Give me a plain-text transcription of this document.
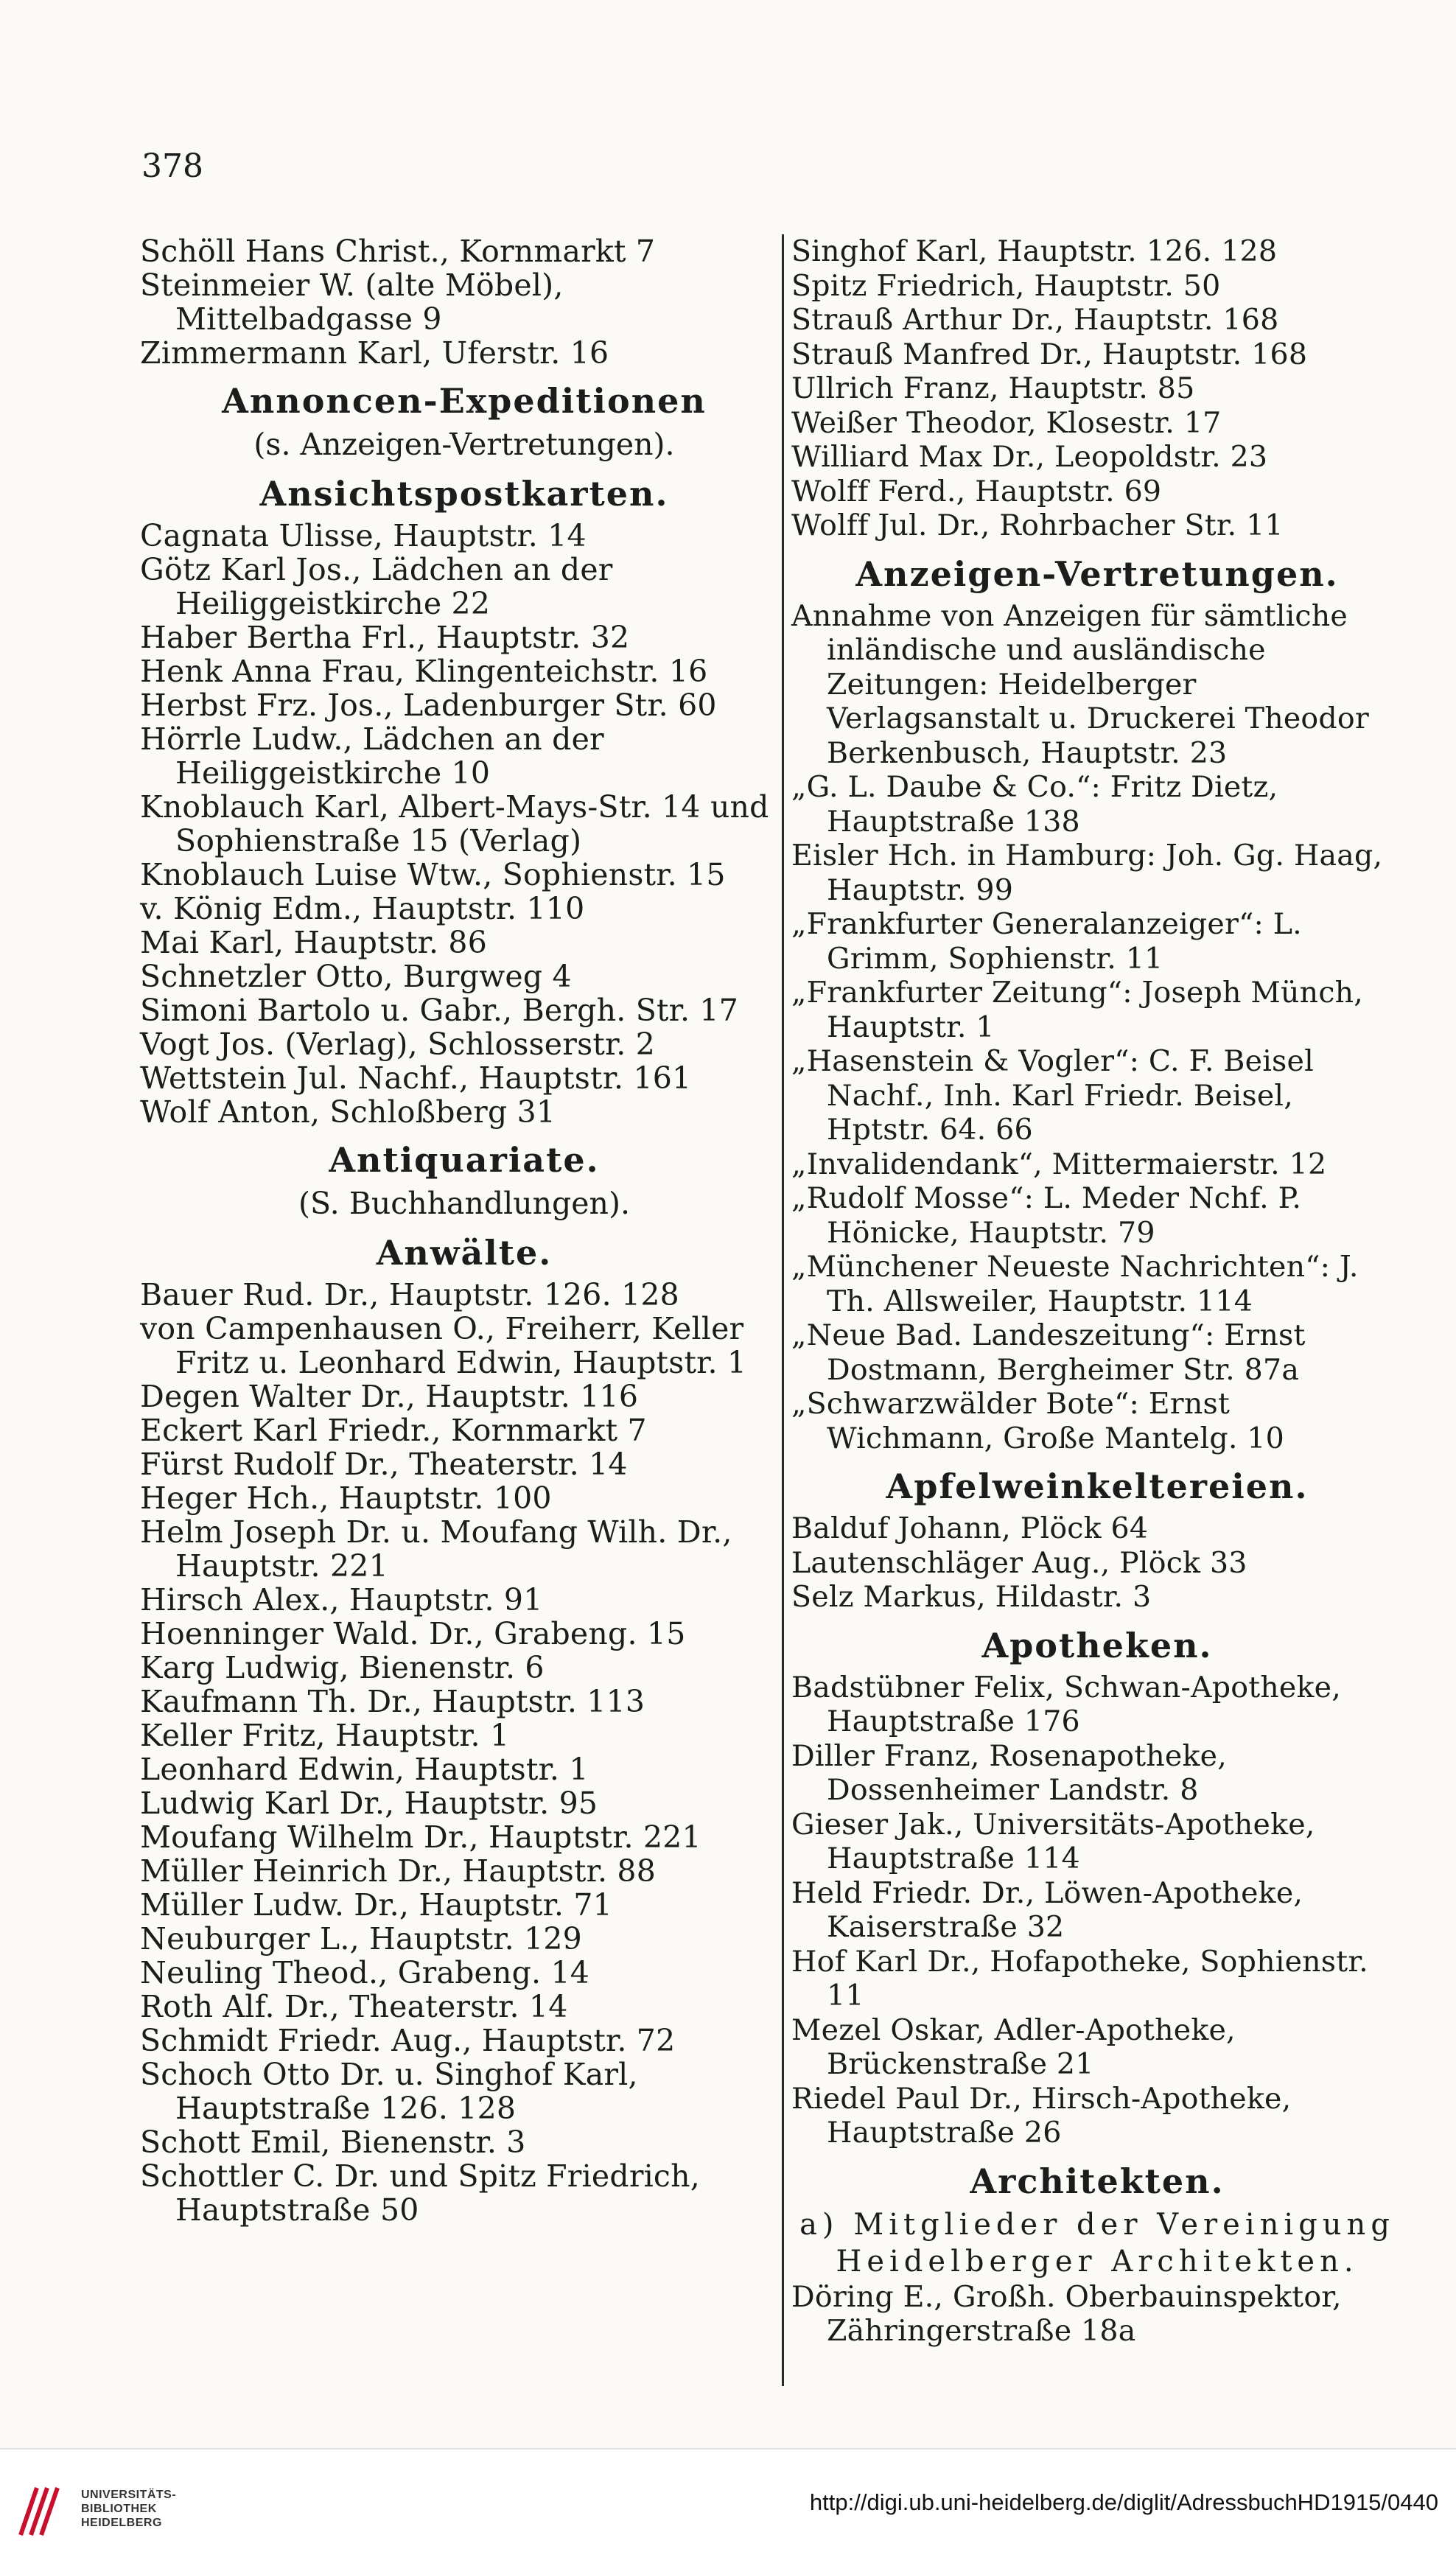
378
Schöll Hans Christ., Kornmarkt 7
Steinmeier W. (alte Möbel), Mittelbadgasse 9
Zimmermann Karl, Uferstr. 16
Annoncen-Expeditionen
(s. Anzeigen-Vertretungen).
Ansichtspostkarten.
Cagnata Ulisse, Hauptstr. 14
Götz Karl Jos., Lädchen an der Heiliggeistkirche 22
Haber Bertha Frl., Hauptstr. 32
Henk Anna Frau, Klingenteichstr. 16
Herbst Frz. Jos., Ladenburger Str. 60
Hörrle Ludw., Lädchen an der Heiliggeistkirche 10
Knoblauch Karl, Albert-Mays-Str. 14 und Sophienstraße 15 (Verlag)
Knoblauch Luise Wtw., Sophienstr. 15
v. König Edm., Hauptstr. 110
Mai Karl, Hauptstr. 86
Schnetzler Otto, Burgweg 4
Simoni Bartolo u. Gabr., Bergh. Str. 17
Vogt Jos. (Verlag), Schlosserstr. 2
Wettstein Jul. Nachf., Hauptstr. 161
Wolf Anton, Schloßberg 31
Antiquariate.
(S. Buchhandlungen).
Anwälte.
Bauer Rud. Dr., Hauptstr. 126. 128
von Campenhausen O., Freiherr, Keller Fritz u. Leonhard Edwin, Hauptstr. 1
Degen Walter Dr., Hauptstr. 116
Eckert Karl Friedr., Kornmarkt 7
Fürst Rudolf Dr., Theaterstr. 14
Heger Hch., Hauptstr. 100
Helm Joseph Dr. u. Moufang Wilh. Dr., Hauptstr. 221
Hirsch Alex., Hauptstr. 91
Hoenninger Wald. Dr., Grabeng. 15
Karg Ludwig, Bienenstr. 6
Kaufmann Th. Dr., Hauptstr. 113
Keller Fritz, Hauptstr. 1
Leonhard Edwin, Hauptstr. 1
Ludwig Karl Dr., Hauptstr. 95
Moufang Wilhelm Dr., Hauptstr. 221
Müller Heinrich Dr., Hauptstr. 88
Müller Ludw. Dr., Hauptstr. 71
Neuburger L., Hauptstr. 129
Neuling Theod., Grabeng. 14
Roth Alf. Dr., Theaterstr. 14
Schmidt Friedr. Aug., Hauptstr. 72
Schoch Otto Dr. u. Singhof Karl, Hauptstraße 126. 128
Schott Emil, Bienenstr. 3
Schottler C. Dr. und Spitz Friedrich, Hauptstraße 50
Singhof Karl, Hauptstr. 126. 128
Spitz Friedrich, Hauptstr. 50
Strauß Arthur Dr., Hauptstr. 168
Strauß Manfred Dr., Hauptstr. 168
Ullrich Franz, Hauptstr. 85
Weißer Theodor, Klosestr. 17
Williard Max Dr., Leopoldstr. 23
Wolff Ferd., Hauptstr. 69
Wolff Jul. Dr., Rohrbacher Str. 11
Anzeigen-Vertretungen.
Annahme von Anzeigen für sämtliche inländische und ausländische Zeitungen: Heidelberger Verlagsanstalt u. Druckerei Theodor Berkenbusch, Hauptstr. 23
„G. L. Daube & Co.“: Fritz Dietz, Hauptstraße 138
Eisler Hch. in Hamburg: Joh. Gg. Haag, Hauptstr. 99
„Frankfurter Generalanzeiger“: L. Grimm, Sophienstr. 11
„Frankfurter Zeitung“: Joseph Münch, Hauptstr. 1
„Hasenstein & Vogler“: C. F. Beisel Nachf., Inh. Karl Friedr. Beisel, Hptstr. 64. 66
„Invalidendank“, Mittermaierstr. 12
„Rudolf Mosse“: L. Meder Nchf. P. Hönicke, Hauptstr. 79
„Münchener Neueste Nachrichten“: J. Th. Allsweiler, Hauptstr. 114
„Neue Bad. Landeszeitung“: Ernst Dostmann, Bergheimer Str. 87a
„Schwarzwälder Bote“: Ernst Wichmann, Große Mantelg. 10
Apfelweinkeltereien.
Balduf Johann, Plöck 64
Lautenschläger Aug., Plöck 33
Selz Markus, Hildastr. 3
Apotheken.
Badstübner Felix, Schwan-Apotheke, Hauptstraße 176
Diller Franz, Rosenapotheke, Dossenheimer Landstr. 8
Gieser Jak., Universitäts-Apotheke, Hauptstraße 114
Held Friedr. Dr., Löwen-Apotheke, Kaiserstraße 32
Hof Karl Dr., Hofapotheke, Sophienstr. 11
Mezel Oskar, Adler-Apotheke, Brückenstraße 21
Riedel Paul Dr., Hirsch-Apotheke, Hauptstraße 26
Architekten.
a) Mitglieder der Vereinigung
Heidelberger Architekten.
Döring E., Großh. Oberbauinspektor, Zähringerstraße 18a
UNIVERSITÄTS-
BIBLIOTHEK
HEIDELBERG
http://digi.ub.uni-heidelberg.de/diglit/AdressbuchHD1915/0440
